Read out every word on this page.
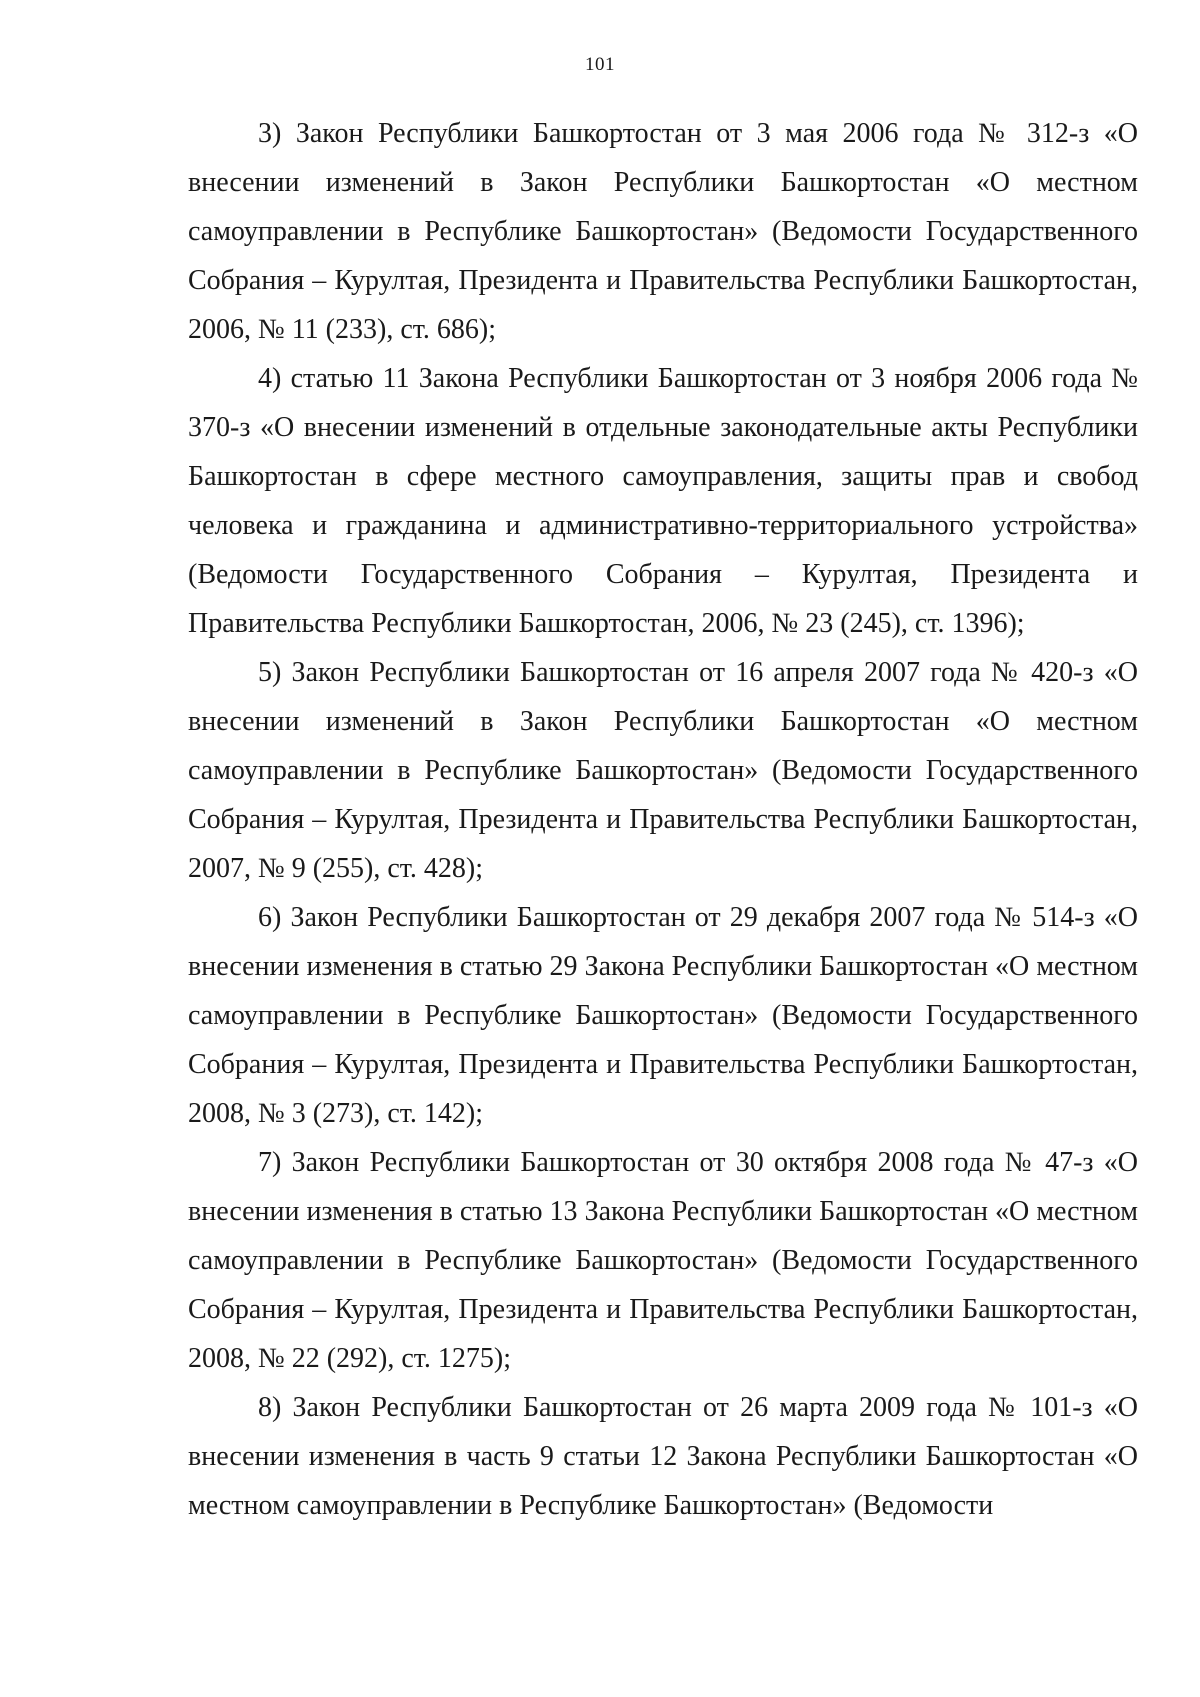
101

3) Закон Республики Башкортостан от 3 мая 2006 года № 312-з «О внесении изменений в Закон Республики Башкортостан «О местном самоуправлении в Республике Башкортостан» (Ведомости Государственного Собрания – Курултая, Президента и Правительства Республики Башкортостан, 2006, № 11 (233), ст. 686);

4) статью 11 Закона Республики Башкортостан от 3 ноября 2006 года № 370-з «О внесении изменений в отдельные законодательные акты Республики Башкортостан в сфере местного самоуправления, защиты прав и свобод человека и гражданина и административно-территориального устройства» (Ведомости Государственного Собрания – Курултая, Президента и Правительства Республики Башкортостан, 2006, № 23 (245), ст. 1396);

5) Закон Республики Башкортостан от 16 апреля 2007 года № 420-з «О внесении изменений в Закон Республики Башкортостан «О местном самоуправлении в Республике Башкортостан» (Ведомости Государственного Собрания – Курултая, Президента и Правительства Республики Башкортостан, 2007, № 9 (255), ст. 428);

6) Закон Республики Башкортостан от 29 декабря 2007 года № 514-з «О внесении изменения в статью 29 Закона Республики Башкортостан «О местном самоуправлении в Республике Башкортостан» (Ведомости Государственного Собрания – Курултая, Президента и Правительства Республики Башкортостан, 2008, № 3 (273), ст. 142);

7) Закон Республики Башкортостан от 30 октября 2008 года № 47-з «О внесении изменения в статью 13 Закона Республики Башкортостан «О местном самоуправлении в Республике Башкортостан» (Ведомости Государственного Собрания – Курултая, Президента и Правительства Республики Башкортостан, 2008, № 22 (292), ст. 1275);

8) Закон Республики Башкортостан от 26 марта 2009 года № 101-з «О внесении изменения в часть 9 статьи 12 Закона Республики Башкортостан «О местном самоуправлении в Республике Башкортостан» (Ведомости
